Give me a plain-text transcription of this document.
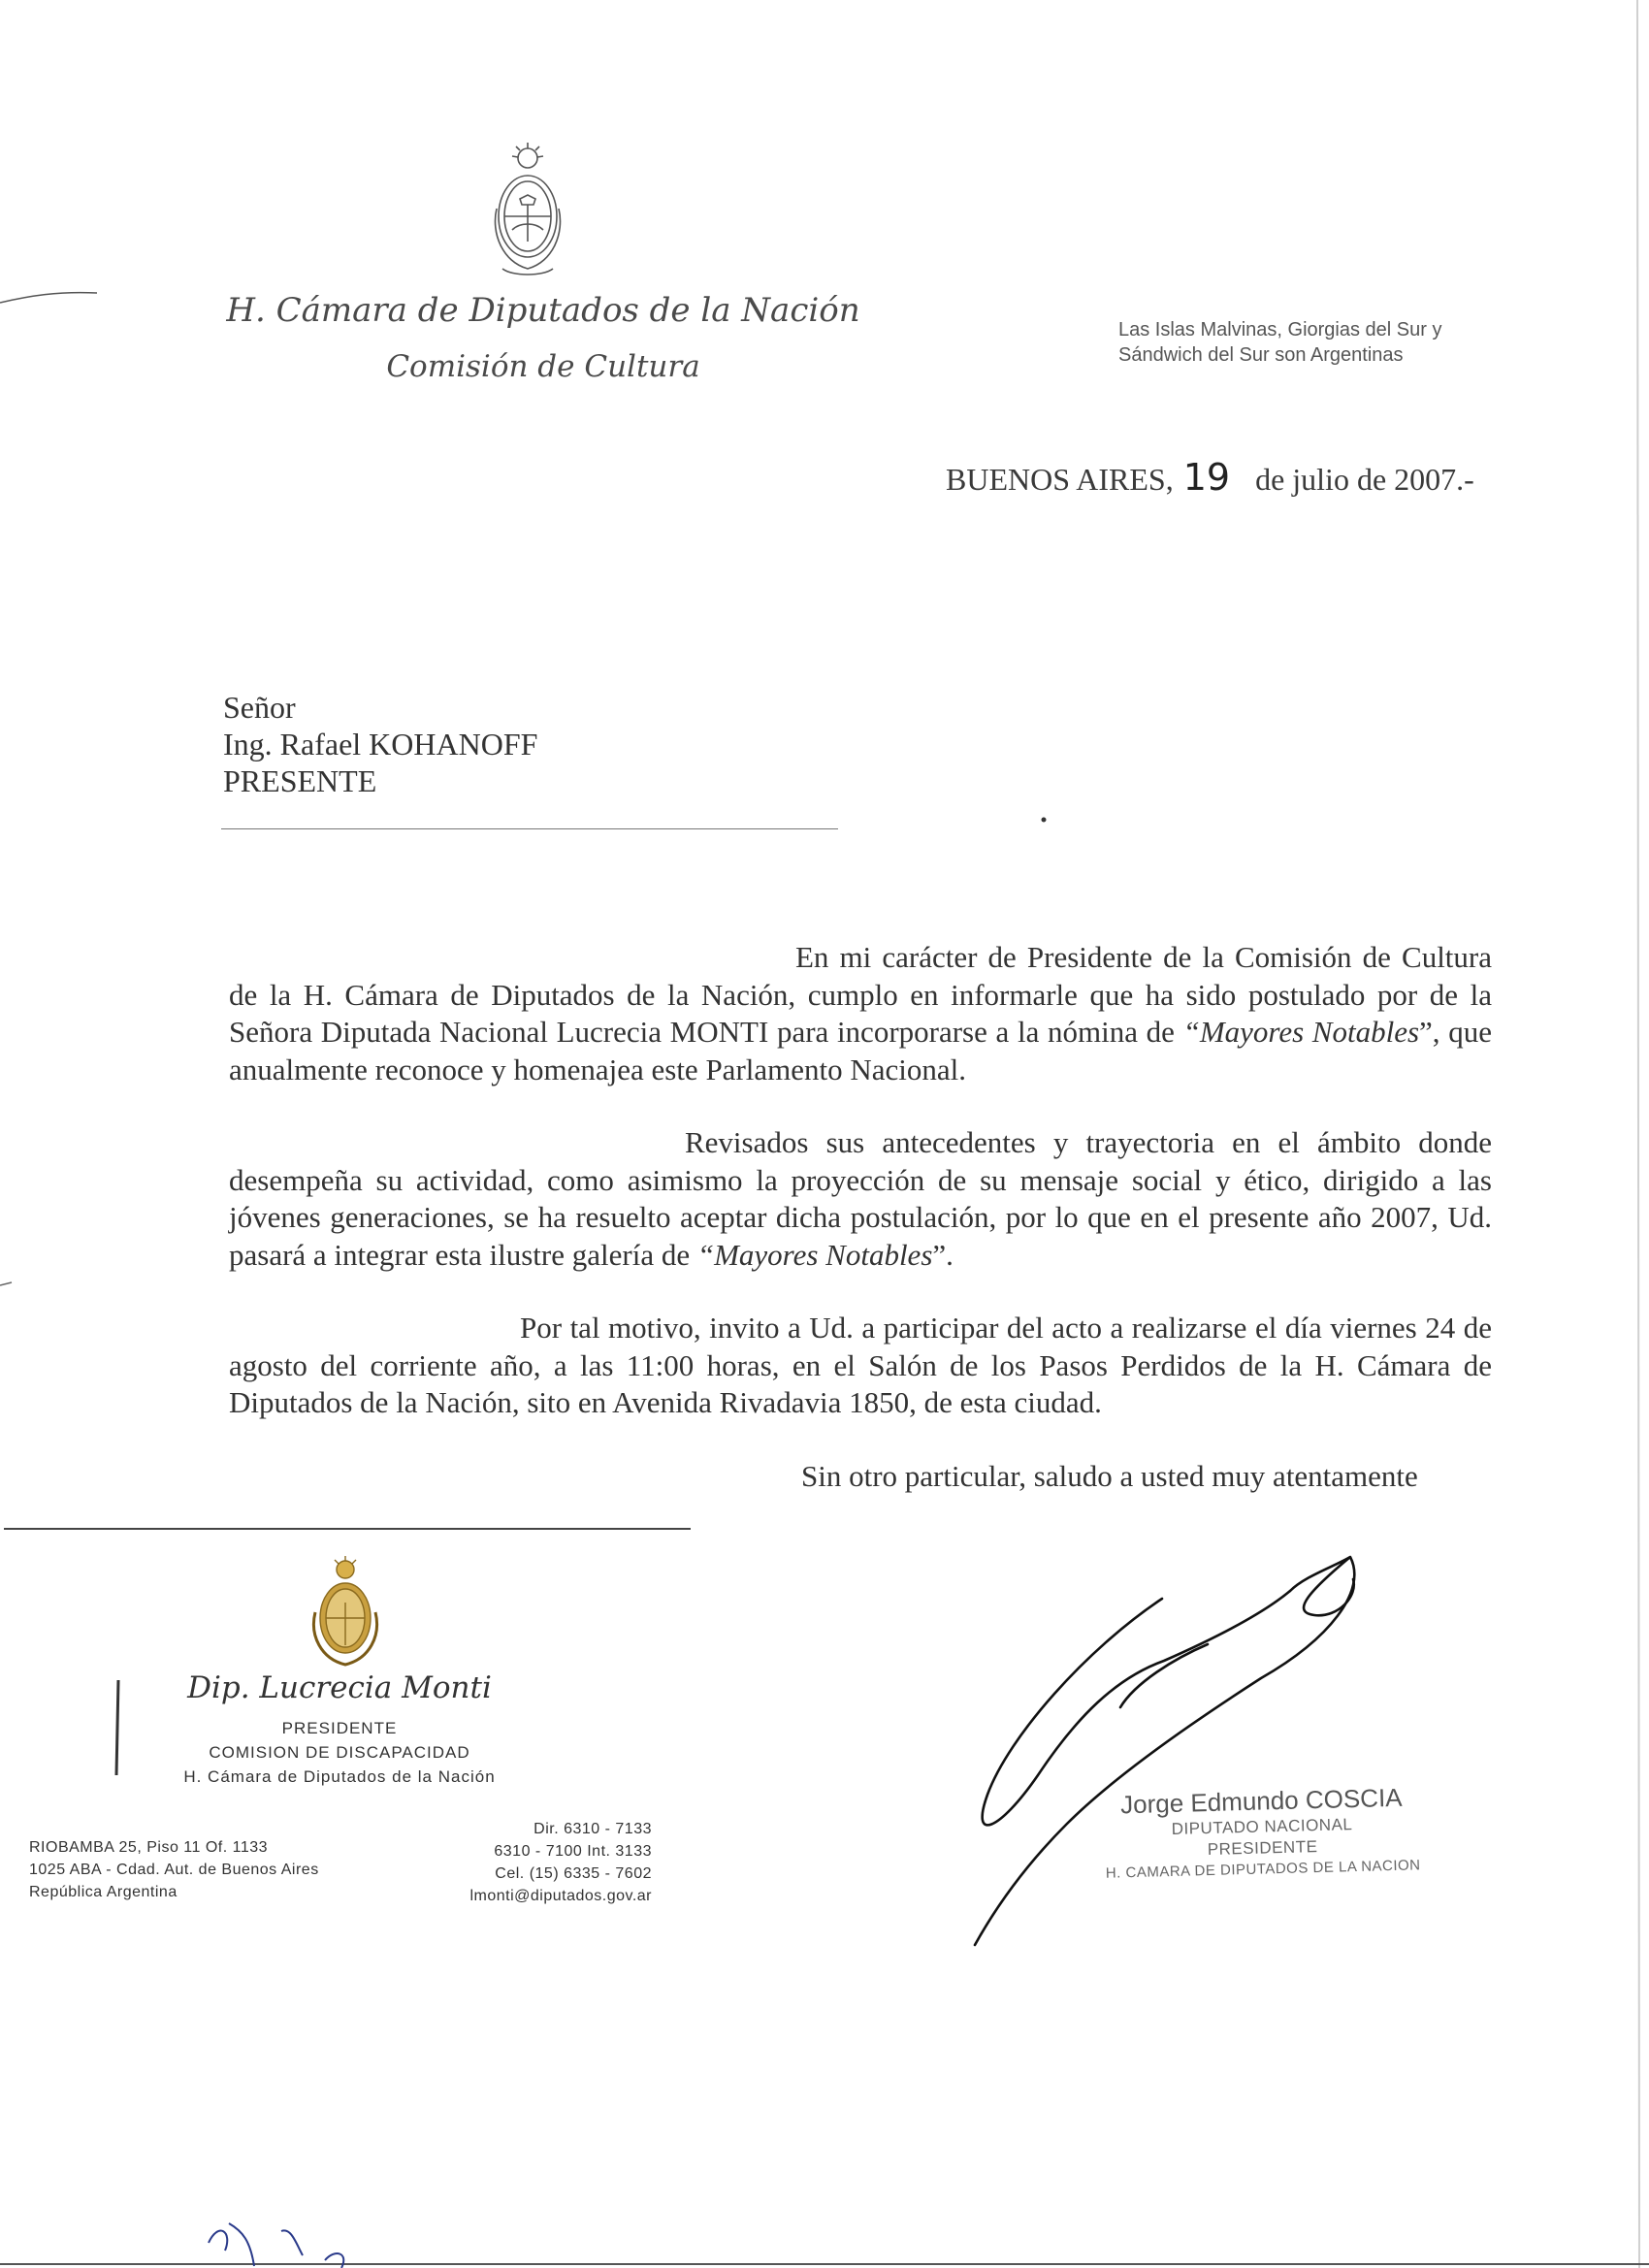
H. Cámara de Diputados de la Nación
Comisión de Cultura
Las Islas Malvinas, Giorgias del Sur y
Sándwich del Sur son Argentinas
BUENOS AIRES, 19 de julio de 2007.-
Señor
Ing. Rafael KOHANOFF
PRESENTE

En mi carácter de Presidente de la Comisión de Cultura de la H. Cámara de Diputados de la Nación, cumplo en informarle que ha sido postulado por de la Señora Diputada Nacional Lucrecia MONTI para incorporarse a la nómina de “Mayores Notables”, que anualmente reconoce y homenajea este Parlamento Nacional.

Revisados sus antecedentes y trayectoria en el ámbito donde desempeña su actividad, como asimismo la proyección de su mensaje social y ético, dirigido a las jóvenes generaciones, se ha resuelto aceptar dicha postulación, por lo que en el presente año 2007, Ud. pasará a integrar esta ilustre galería de “Mayores Notables”.

Por tal motivo, invito a Ud. a participar del acto a realizarse el día viernes 24 de agosto del corriente año, a las 11:00 horas, en el Salón de los Pasos Perdidos de la H. Cámara de Diputados de la Nación, sito en Avenida Rivadavia 1850, de esta ciudad.

Sin otro particular, saludo a usted muy atentamente

Dip. Lucrecia Monti
PRESIDENTE
COMISION DE DISCAPACIDAD
H. Cámara de Diputados de la Nación
RIOBAMBA 25, Piso 11 Of. 1133
1025 ABA - Cdad. Aut. de Buenos Aires
República Argentina
Dir. 6310 - 7133
6310 - 7100 Int. 3133
Cel. (15) 6335 - 7602
lmonti@diputados.gov.ar
Jorge Edmundo COSCIA
DIPUTADO NACIONAL
PRESIDENTE
H. CAMARA DE DIPUTADOS DE LA NACION
